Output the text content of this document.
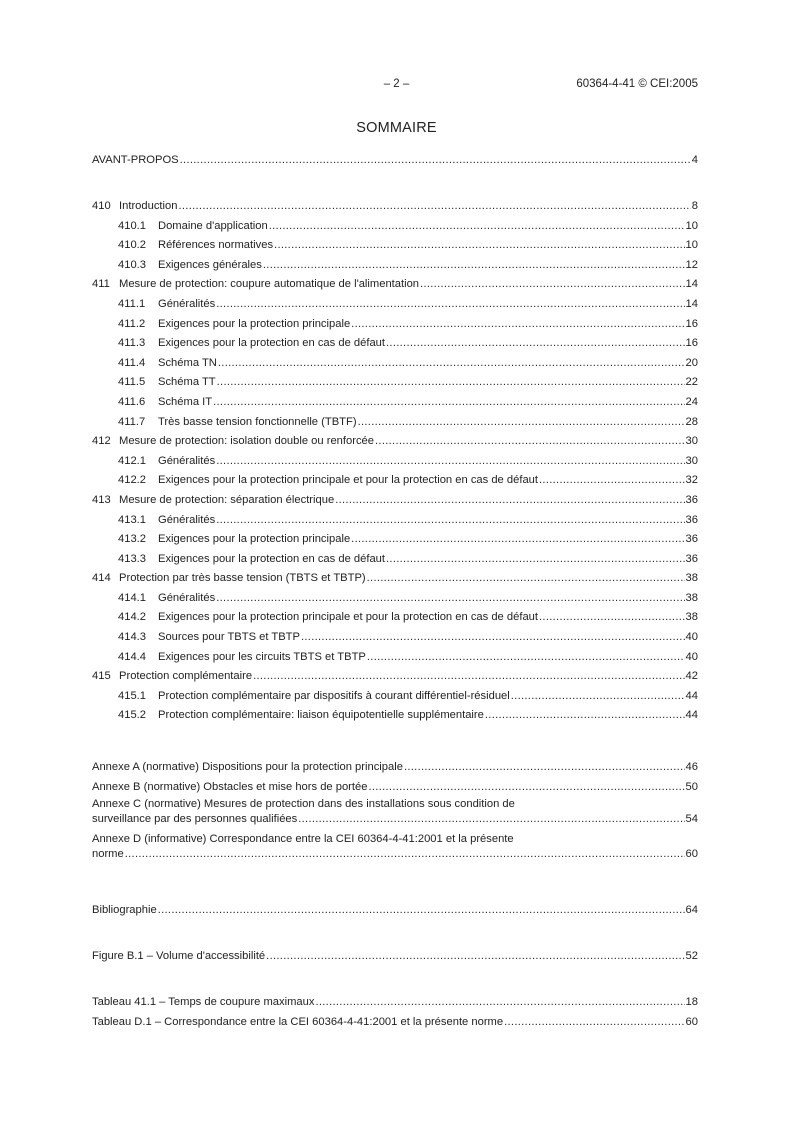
– 2 –	60364-4-41 © CEI:2005
SOMMAIRE
AVANT-PROPOS .....	4
410 Introduction .....	8
410.1	Domaine d'application .....	10
410.2	Références normatives .....	10
410.3	Exigences générales .....	12
411 Mesure de protection: coupure automatique de l'alimentation .....	14
411.1	Généralités .....	14
411.2	Exigences pour la protection principale .....	16
411.3	Exigences pour la protection en cas de défaut .....	16
411.4	Schéma TN .....	20
411.5	Schéma TT .....	22
411.6	Schéma IT .....	24
411.7	Très basse tension fonctionnelle (TBTF) .....	28
412 Mesure de protection: isolation double ou renforcée .....	30
412.1	Généralités .....	30
412.2	Exigences pour la protection principale et pour la protection en cas de défaut .....	32
413 Mesure de protection: séparation électrique .....	36
413.1	Généralités .....	36
413.2	Exigences pour la protection principale .....	36
413.3	Exigences pour la protection en cas de défaut .....	36
414 Protection par très basse tension (TBTS et TBTP) .....	38
414.1	Généralités .....	38
414.2	Exigences pour la protection principale et pour la protection en cas de défaut .....	38
414.3	Sources pour TBTS et TBTP .....	40
414.4	Exigences pour les circuits TBTS et TBTP .....	40
415 Protection complémentaire .....	42
415.1	Protection complémentaire par dispositifs à courant différentiel-résiduel .....	44
415.2	Protection complémentaire: liaison équipotentielle supplémentaire .....	44
Annexe A (normative) Dispositions pour la protection principale .....	46
Annexe B (normative) Obstacles et mise hors de portée .....	50
Annexe C (normative) Mesures de protection dans des installations sous condition de
surveillance par des personnes qualifiées .....	54
Annexe D (informative) Correspondance entre la CEI 60364-4-41:2001 et la présente
norme .....	60
Bibliographie .....	64
Figure B.1 – Volume d'accessibilité .....	52
Tableau 41.1 – Temps de coupure maximaux .....	18
Tableau D.1 – Correspondance entre la CEI 60364-4-41:2001 et la présente norme .....	60
